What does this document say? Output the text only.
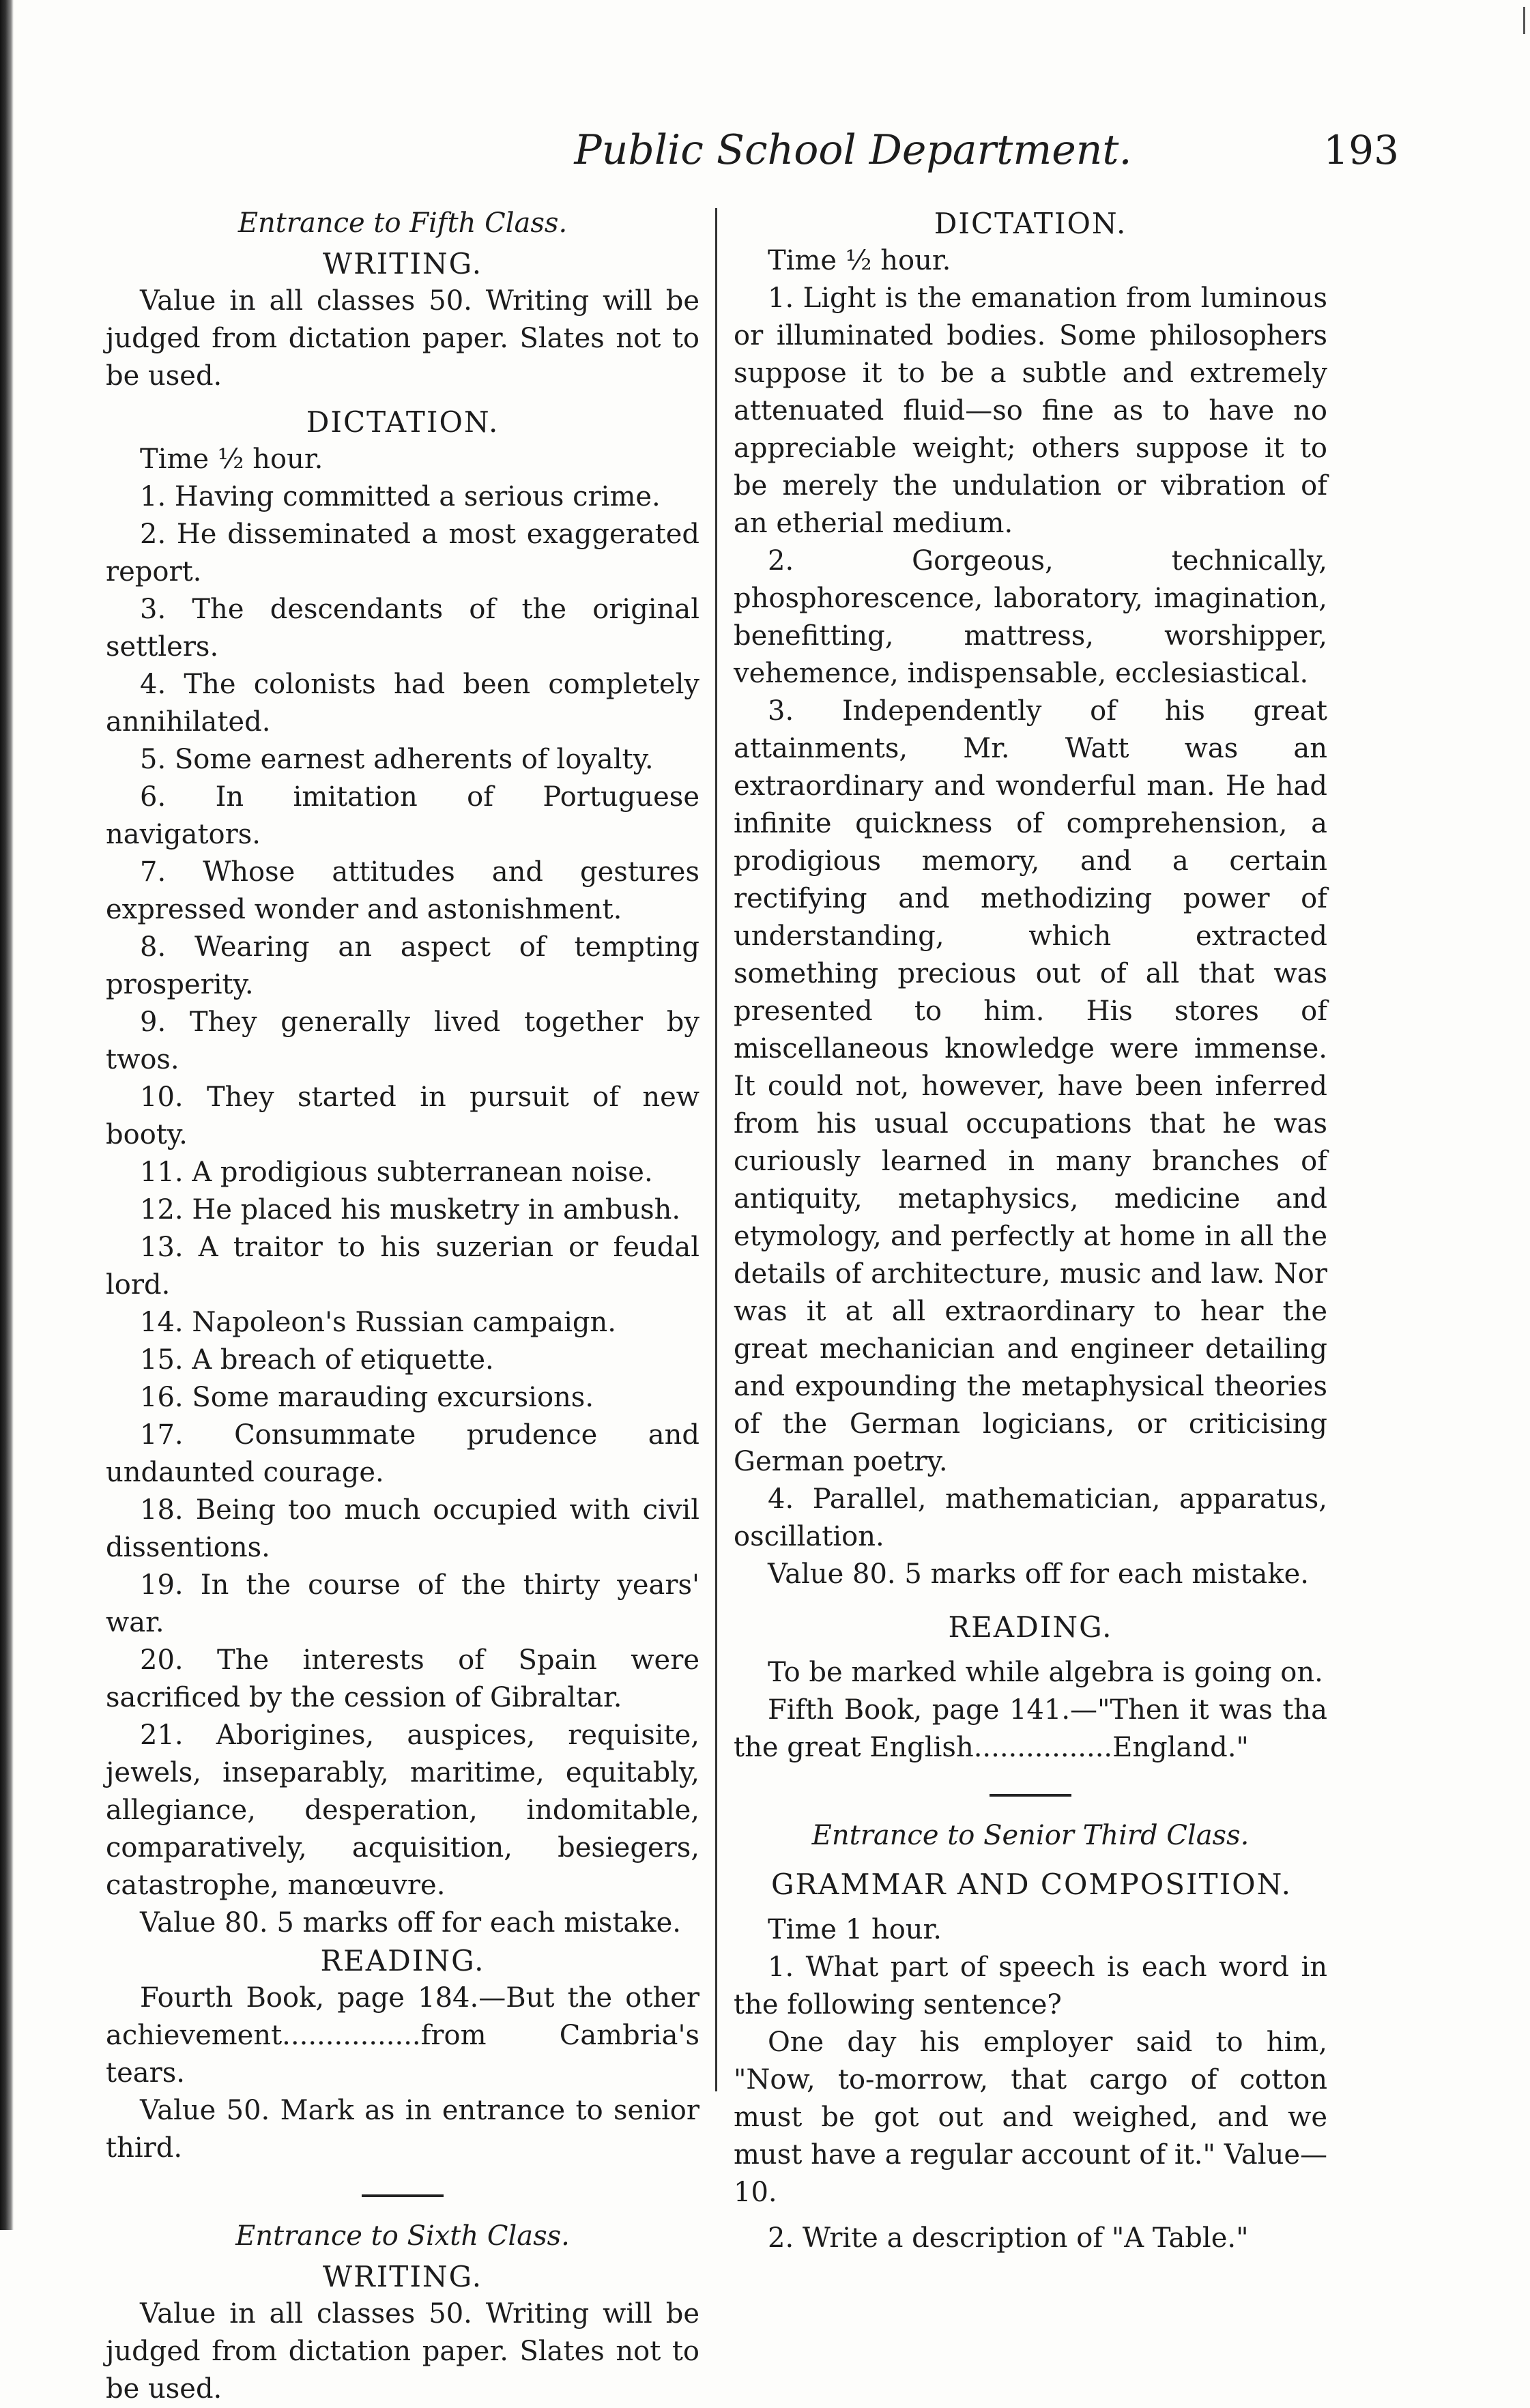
Public School Department.	193
Entrance to Fifth Class.
WRITING.

Value in all classes 50. Writing will be judged from dictation paper. Slates not to be used.

DICTATION.

Time ½ hour.

1. Having committed a serious crime.

2. He disseminated a most exaggerated report.

3. The descendants of the original settlers.

4. The colonists had been completely annihilated.

5. Some earnest adherents of loyalty.

6. In imitation of Portuguese navigators.

7. Whose attitudes and gestures expressed wonder and astonishment.

8. Wearing an aspect of tempting prosperity.

9. They generally lived together by twos.

10. They started in pursuit of new booty.

11. A prodigious subterranean noise.

12. He placed his musketry in ambush.

13. A traitor to his suzerian or feudal lord.

14. Napoleon's Russian campaign.

15. A breach of etiquette.

16. Some marauding excursions.

17. Consummate prudence and undaunted courage.

18. Being too much occupied with civil dissentions.

19. In the course of the thirty years' war.

20. The interests of Spain were sacrificed by the cession of Gibraltar.

21. Aborigines, auspices, requisite, jewels, inseparably, maritime, equitably, allegiance, desperation, indomitable, comparatively, acquisition, besiegers, catastrophe, manœuvre.

Value 80. 5 marks off for each mistake.

READING.

Fourth Book, page 184.—But the other achievement................from Cambria's tears.

Value 50. Mark as in entrance to senior third.

Entrance to Sixth Class.
WRITING.

Value in all classes 50. Writing will be judged from dictation paper. Slates not to be used.

DICTATION.

Time ½ hour.

1. Light is the emanation from luminous or illuminated bodies. Some philosophers suppose it to be a subtle and extremely attenuated fluid—so fine as to have no appreciable weight; others suppose it to be merely the undulation or vibration of an etherial medium.

2. Gorgeous, technically, phosphorescence, laboratory, imagination, benefitting, mattress, worshipper, vehemence, indispensable, ecclesiastical.

3. Independently of his great attainments, Mr. Watt was an extraordinary and wonderful man. He had infinite quickness of comprehension, a prodigious memory, and a certain rectifying and methodizing power of understanding, which extracted something precious out of all that was presented to him. His stores of miscellaneous knowledge were immense. It could not, however, have been inferred from his usual occupations that he was curiously learned in many branches of antiquity, metaphysics, medicine and etymology, and perfectly at home in all the details of architecture, music and law. Nor was it at all extraordinary to hear the great mechanician and engineer detailing and expounding the metaphysical theories of the German logicians, or criticising German poetry.

4. Parallel, mathematician, apparatus, oscillation.

Value 80. 5 marks off for each mistake.

READING.

To be marked while algebra is going on.

Fifth Book, page 141.—"Then it was tha the great English................England."

Entrance to Senior Third Class.
GRAMMAR AND COMPOSITION.

Time 1 hour.

1. What part of speech is each word in the following sentence?

One day his employer said to him, "Now, to-morrow, that cargo of cotton must be got out and weighed, and we must have a regular account of it." Value—10.

2. Write a description of "A Table."
